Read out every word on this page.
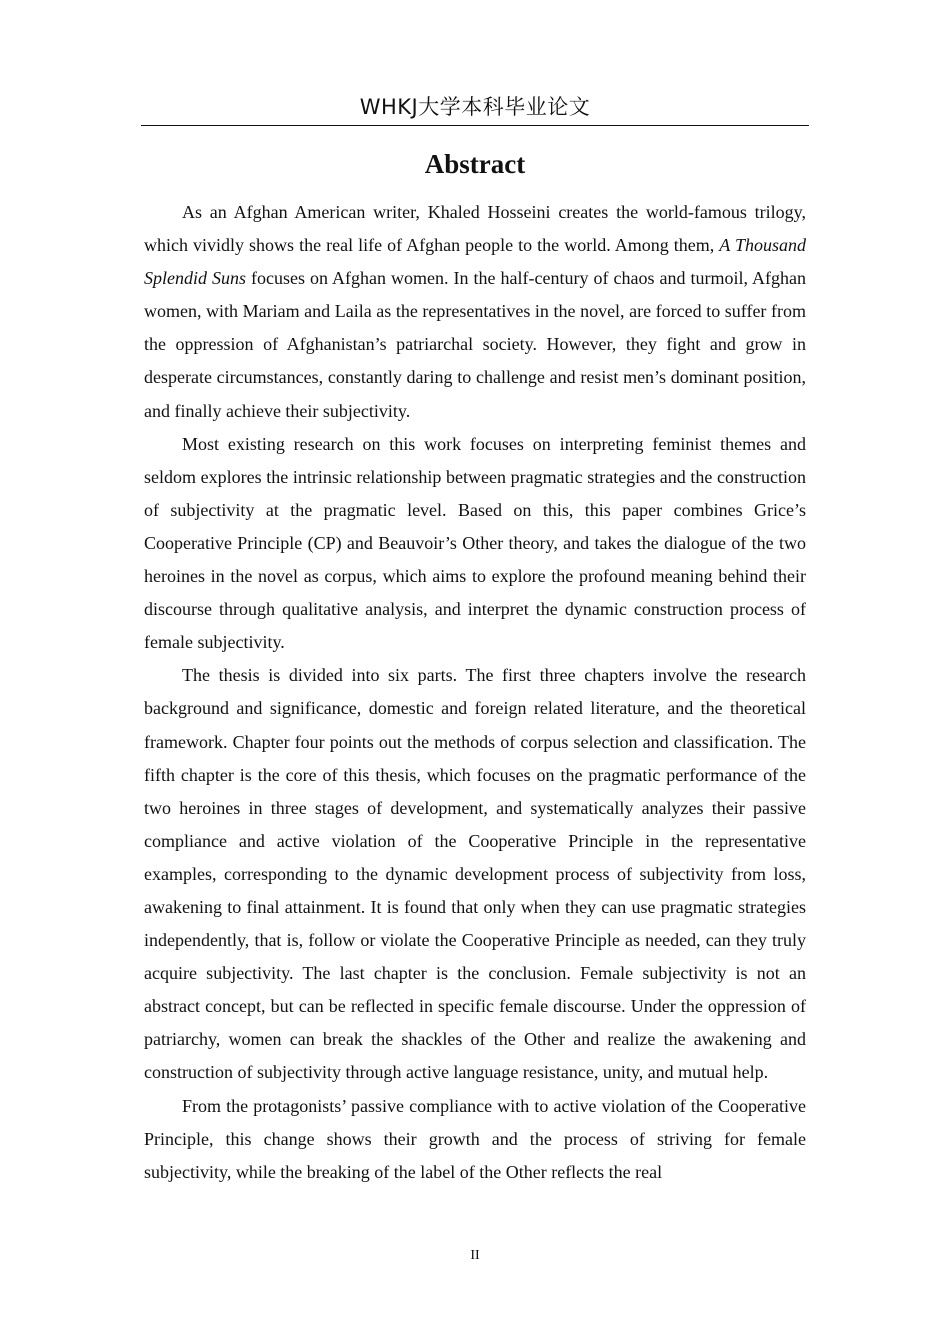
WHKJ大学本科毕业论文
Abstract

As an Afghan American writer, Khaled Hosseini creates the world-famous trilogy, which vividly shows the real life of Afghan people to the world. Among them, A Thousand Splendid Suns focuses on Afghan women. In the half-century of chaos and turmoil, Afghan women, with Mariam and Laila as the representatives in the novel, are forced to suffer from the oppression of Afghanistan’s patriarchal society. However, they fight and grow in desperate circumstances, constantly daring to challenge and resist men’s dominant position, and finally achieve their subjectivity.

Most existing research on this work focuses on interpreting feminist themes and seldom explores the intrinsic relationship between pragmatic strategies and the construction of subjectivity at the pragmatic level. Based on this, this paper combines Grice’s Cooperative Principle (CP) and Beauvoir’s Other theory, and takes the dialogue of the two heroines in the novel as corpus, which aims to explore the profound meaning behind their discourse through qualitative analysis, and interpret the dynamic construction process of female subjectivity.

The thesis is divided into six parts. The first three chapters involve the research background and significance, domestic and foreign related literature, and the theoretical framework. Chapter four points out the methods of corpus selection and classification. The fifth chapter is the core of this thesis, which focuses on the pragmatic performance of the two heroines in three stages of development, and systematically analyzes their passive compliance and active violation of the Cooperative Principle in the representative examples, corresponding to the dynamic development process of subjectivity from loss, awakening to final attainment. It is found that only when they can use pragmatic strategies independently, that is, follow or violate the Cooperative Principle as needed, can they truly acquire subjectivity. The last chapter is the conclusion. Female subjectivity is not an abstract concept, but can be reflected in specific female discourse. Under the oppression of patriarchy, women can break the shackles of the Other and realize the awakening and construction of subjectivity through active language resistance, unity, and mutual help.

From the protagonists’ passive compliance with to active violation of the Cooperative Principle, this change shows their growth and the process of striving for female subjectivity, while the breaking of the label of the Other reflects the real

II
